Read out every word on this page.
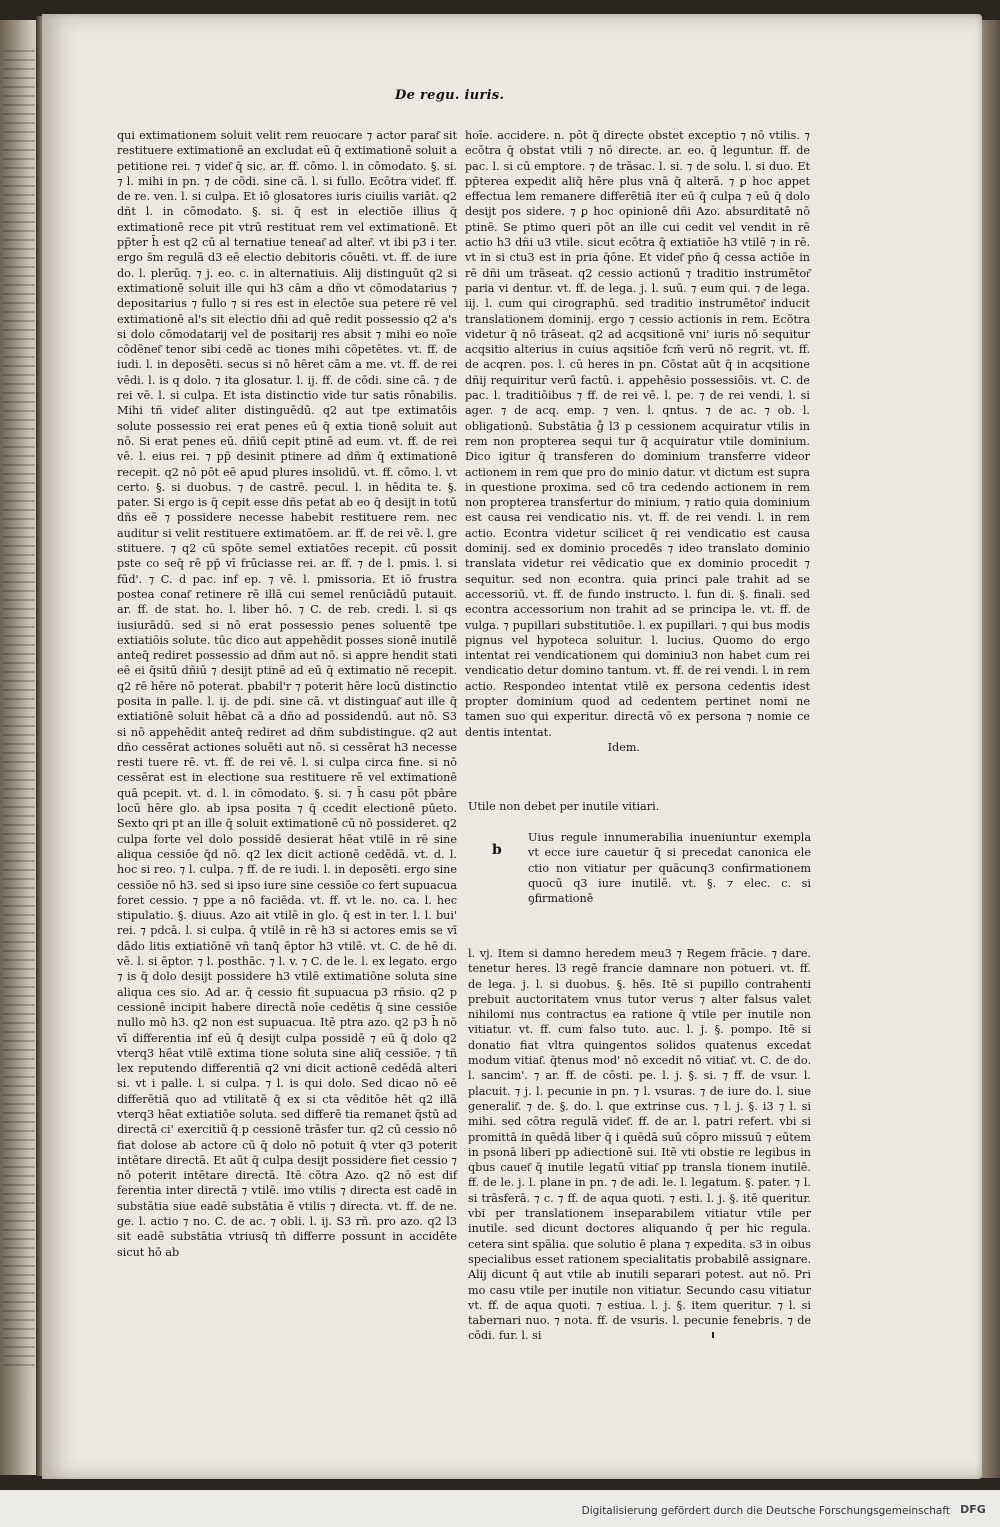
De regu. iuris.

qui extimationem soluit velit rem reuocare ⁊ actor parat͂ sit restituere extimationē an excludat eũ q̄ extimationē soluit a petitione rei. ⁊ videt͂ q̄ sic. ar. ff. cōmo. l. in cōmodato. §. si. ⁊ l. mihi in pn. ⁊ de cōdi. sine cā. l. si fullo. Ecōtra videt͂. ff. de re. ven. l. si culpa. Et iō glosatores iuris ciuilis variāt. q2 dñt l. in cōmodato. §. si. q̄ est in electiōe illius q̄ extimationē rece pit vtrū restituat rem vel extimationē. Et pp̄ter h̄ est q2 cū al ternatiue teneat͂ ad alter͂. vt ibi p3 i ter. ergo s̄m regulā d3 eē electio debitoris cōuēti. vt. ff. de iure do. l. plerūq. ⁊ j. eo. c. in alternatiuis. Alij distinguūt q2 si extimationē soluit ille qui h3 cām a dño vt cōmodatarius ⁊ depositarius ⁊ fullo ⁊ si res est in electōe sua petere rē vel extimationē al's sit electio dñi ad quē redit possessio q2 a's si dolo cōmodatarij vel de positarij res absit ⁊ mihi eo noīe cōdēnet͂ tenor sibi cedē ac tiones mihi cōpetētes. vt. ff. de iudi. l. in deposēti. secus si nō hēret cām a me. vt. ff. de rei vēdi. l. is q dolo. ⁊ ita glosatur. l. ij. ff. de cōdi. sine cā. ⁊ de rei vē. l. si culpa. Et ista distinctio vide tur satis rōnabilis. Mihi tñ videt͂ aliter distinguēdū. q2 aut tpe extimatōis solute possessio rei erat penes eū q̄ extia tionē soluit aut nō. Si erat penes eū. dñiū cepit ptinē ad eum. vt. ff. de rei vē. l. eius rei. ⁊ pp̄ desinit ptinere ad dñm q̄ extimationē recepit. q2 nō pōt eē apud plures insolidū. vt. ff. cōmo. l. vt certo. §. si duobus. ⁊ de castrē. pecul. l. in hēdita te. §. pater. Si ergo is q̄ cepit esse dñs petat ab eo q̄ desijt in totū dñs eē ⁊ possidere necesse habebit restituere rem. nec auditur si velit restituere extimatōem. ar. ff. de rei vē. l. gre stituere. ⁊ q2 cū spōte semel extiatōes recepit. cū possit pste co seq̄ rē pp̄ vī frūciasse rei. ar. ff. ⁊ de l. pmis. l. si fūd'. ⁊ C. d pac. inf ep. ⁊ vē. l. pmissoria. Et iō frustra postea conat͂ retinere rē illā cui semel renūciādū putauit. ar. ff. de stat. ho. l. liber hō. ⁊ C. de reb. credi. l. si qs iusiurādū. sed si nō erat possessio penes soluentē tpe extiatiōis solute. tūc dico aut appehēdit posses sionē inutilē anteq̄ rediret possessio ad dñm aut nō. si appre hendit stati eē ei q̄sitū dñiū ⁊ desijt ptinē ad eū q̄ extimatio nē recepit. q2 rē hēre nō poterat. pbabil'r ⁊ poterit hēre locū distinctio posita in palle. l. ij. de pdi. sine cā. vt distinguat͂ aut ille q̄ extiatiōnē soluit hēbat cā a dño ad possidendū. aut nō. S3 si nō appehēdit anteq̄ rediret ad dñm subdistingue. q2 aut dño cessērat actiones soluēti aut nō. si cessērat h3 necesse resti tuere rē. vt. ff. de rei vē. l. si culpa circa fine. si nō cessērat est in electione sua restituere rē vel extimationē quā pcepit. vt. d. l. in cōmodato. §. si. ⁊ h̄ casu pōt pbāre locū hēre glo. ab ipsa posita ⁊ q̄ ccedit electionē pūeto. Sexto qri pt an ille q̄ soluit extimationē cū nō possideret. q2 culpa forte vel dolo possidē desierat hēat vtilē in rē sine aliqua cessiōe q̄d nō. q2 lex dicit actionē cedēdā. vt. d. l. hoc si reo. ⁊ l. culpa. ⁊ ff. de re iudi. l. in deposēti. ergo sine cessiōe nō h3. sed si ipso iure sine cessiōe co fert supuacua foret cessio. ⁊ ppe a nō faciēda. vt. ff. vt le. no. ca. l. hec stipulatio. §. diuus. Azo ait vtilē in glo. q̄ est in ter. l. l. bui' rei. ⁊ pdcā. l. si culpa. q̄ vtilē in rē h3 si actores emis se vī dādo litis extiatiōnē vñ tanq̄ ēptor h3 vtilē. vt. C. de hē di. vē. l. si ēptor. ⁊ l. posthāc. ⁊ l. v. ⁊ C. de le. l. ex legato. ergo ⁊ is q̄ dolo desijt possidere h3 vtilē extimatiōne soluta sine aliqua ces sio. Ad ar. q̄ cessio fit supuacua p3 rñsio. q2 p cessionē incipit habere directā noīe cedētis q̄ sine cessiōe nullo mō h3. q2 non est supuacua. Itē ptra azo. q2 p3 h̄ nō vī differentia inf eū q̄ desijt culpa possidē ⁊ eū q̄ dolo q2 vterq3 hēat vtilē extima tione soluta sine aliq̄ cessiōe. ⁊ tñ lex reputendo differentiā q2 vni dicit actionē cedēdā alteri si. vt i palle. l. si culpa. ⁊ l. is qui dolo. Sed dicao nō eē differētiā quo ad vtilitatē q̄ ex si cta vēditōe hēt q2 illā vterq3 hēat extiatiōe soluta. sed differē tia remanet q̄stū ad directā ci' exercitiū q̄ p cessionē trāsfer tur. q2 cū cessio nō fiat dolose ab actore cū q̄ dolo nō potuit q̄ vter q3 poterit intētare directā. Et aūt q̄ culpa desijt possidere fiet cessio ⁊ nō poterit intētare directā. Itē cōtra Azo. q2 nō est dif ferentia inter directā ⁊ vtilē. imo vtilis ⁊ directa est cadē in substātia siue eadē substātia ē vtilis ⁊ directa. vt. ff. de ne. ge. l. actio ⁊ no. C. de ac. ⁊ obli. l. ij. S3 rñ. pro azo. q2 l3 sit eadē substātia vtriusq̄ tñ differre possunt in accidēte sicut hō ab

hoīe. accidere. n. pōt q̄ directe obstet exceptio ⁊ nō vtilis. ⁊ ecōtra q̄ obstat vtili ⁊ nō directe. ar. eo. q̄ leguntur. ff. de pac. l. si cū emptore. ⁊ de trāsac. l. si. ⁊ de solu. l. si duo. Et pp̄terea expedit aliq̄ hēre plus vnā q̄ alterā. ⁊ ꝑ hoc appet effectua lem remanere differētiā iter eū q̄ culpa ⁊ eū q̄ dolo desijt pos sidere. ⁊ ꝑ hoc opinionē dñi Azo. absurditatē nō ptinē. Se ptimo queri pōt an ille cui cedit vel vendit in rē actio h3 dñi u3 vtile. sicut ecōtra q̄ extiatiōe h3 vtilē ⁊ in rē. vt in si ctu3 est in pria q̄ōne. Et videt͂ pño q̄ cessa actiōe in rē dñi um trāseat. q2 cessio actionū ⁊ traditio instrumētor͂ paria vi dentur. vt. ff. de lega. j. l. suū. ⁊ eum qui. ⁊ de lega. iij. l. cum qui cirographū. sed traditio instrumētor͂ inducit translationem dominij. ergo ⁊ cessio actionis in rem. Ecōtra videtur q̄ nō trāseat. q2 ad acqsitionē vni' iuris nō sequitur acqsitio alterius in cuius aqsitiōe fcm̄ verū nō regrit. vt. ff. de acqren. pos. l. cū heres in pn. Cōstat aūt q̄ in acqsitione dñij requiritur verū factū. i. appehēsio possessiōis. vt. C. de pac. l. traditiōibus ⁊ ff. de rei vē. l. pe. ⁊ de rei vendi. l. si ager. ⁊ de acq. emp. ⁊ ven. l. qntus. ⁊ de ac. ⁊ ob. l. obligationū. Substātia g̊ l3 p cessionem acquiratur vtilis in rem non propterea sequi tur q̄ acquiratur vtile dominium. Dico igitur q̄ transferen do dominium transferre videor actionem in rem que pro do minio datur. vt dictum est supra in questione proxima. sed cō tra cedendo actionem in rem non propterea transfertur do minium. ⁊ ratio quia dominium est causa rei vendicatio nis. vt. ff. de rei vendi. l. in rem actio. Econtra videtur scilicet q̄ rei vendicatio est causa dominij. sed ex dominio procedēs ⁊ ideo translato dominio translata videtur rei vēdicatio que ex dominio procedit ⁊ sequitur. sed non econtra. quia princi pale trahit ad se accessoriū. vt. ff. de fundo instructo. l. fun di. §. finali. sed econtra accessorium non trahit ad se principa le. vt. ff. de vulga. ⁊ pupillari substitutiōe. l. ex pupillari. ⁊ qui bus modis pignus vel hypoteca soluitur. l. lucius. Quomo do ergo intentat rei vendicationem qui dominiu3 non habet cum rei vendicatio detur domino tantum. vt. ff. de rei vendi. l. in rem actio. Respondeo intentat vtilē ex persona cedentis idest propter dominium quod ad cedentem pertinet nomi ne tamen suo qui experitur. directā vō ex persona ⁊ nomie ce dentis intentat.

Idem.

Utile non debet per inutile vitiari.
b

Uius regule innumerabilia inueniuntur exempla vt ecce iure cauetur q̄ si precedat canonica ele ctio non vitiatur per quācunq3 confirmationem quocū q3 iure inutilē. vt. §. ⁊ elec. c. si ꝯfirmationē

l. vj. Item si damno heredem meu3 ⁊ Regem frācie. ⁊ dare. tenetur heres. l3 regē francie damnare non potueri. vt. ff. de lega. j. l. si duobus. §. hēs. Itē si pupillo contrahenti prebuit auctoritatem vnus tutor verus ⁊ alter falsus valet nihilomi nus contractus ea ratione q̄ vtile per inutile non vitiatur. vt. ff. cum falso tuto. auc. l. j. §. pompo. Itē si donatio fiat vltra quingentos solidos quatenus excedat modum vitiat͂. q̄tenus mod' nō excedit nō vitiat͂. vt. C. de do. l. sancim'. ⁊ ar. ff. de cōsti. pe. l. j. §. si. ⁊ ff. de vsur. l. placuit. ⁊ j. l. pecunie in pn. ⁊ l. vsuras. ⁊ de iure do. l. siue generalit͂. ⁊ de. §. do. l. que extrinse cus. ⁊ l. j. §. i3 ⁊ l. si mihi. sed cōtra regulā videt͂. ff. de ar. l. patri refert. vbi si promittā in quēdā liber q̄ i quēdā suū cōpro missuū ⁊ eūtem in psonā liberi pp adiectionē sui. Itē vti obstie re legibus in qbus cauet͂ q̄ inutile legatū vitiat͂ pp transla tionem inutilē. ff. de le. j. l. plane in pn. ⁊ de adi. le. l. legatum. §. pater. ⁊ l. si trāsferā. ⁊ c. ⁊ ff. de aqua quoti. ⁊ esti. l. j. §. itē queritur. vbi per translationem inseparabilem vitiatur vtile per inutile. sed dicunt doctores aliquando q̄ per hic regula. cetera sint spālia. que solutio ē plana ⁊ expedita. s3 in oibus specialibus esset rationem specialitatis probabilē assignare. Alij dicunt q̄ aut vtile ab inutili separari potest. aut nō. Pri mo casu vtile per inutile non vitiatur. Secundo casu vitiatur vt. ff. de aqua quoti. ⁊ estiua. l. j. §. item queritur. ⁊ l. si tabernari nuo. ⁊ nota. ff. de vsuris. l. pecunie fenebris. ⁊ de cōdi. fur. l. si

Digitalisierung gefördert durch die Deutsche Forschungsgemeinschaft DFG
